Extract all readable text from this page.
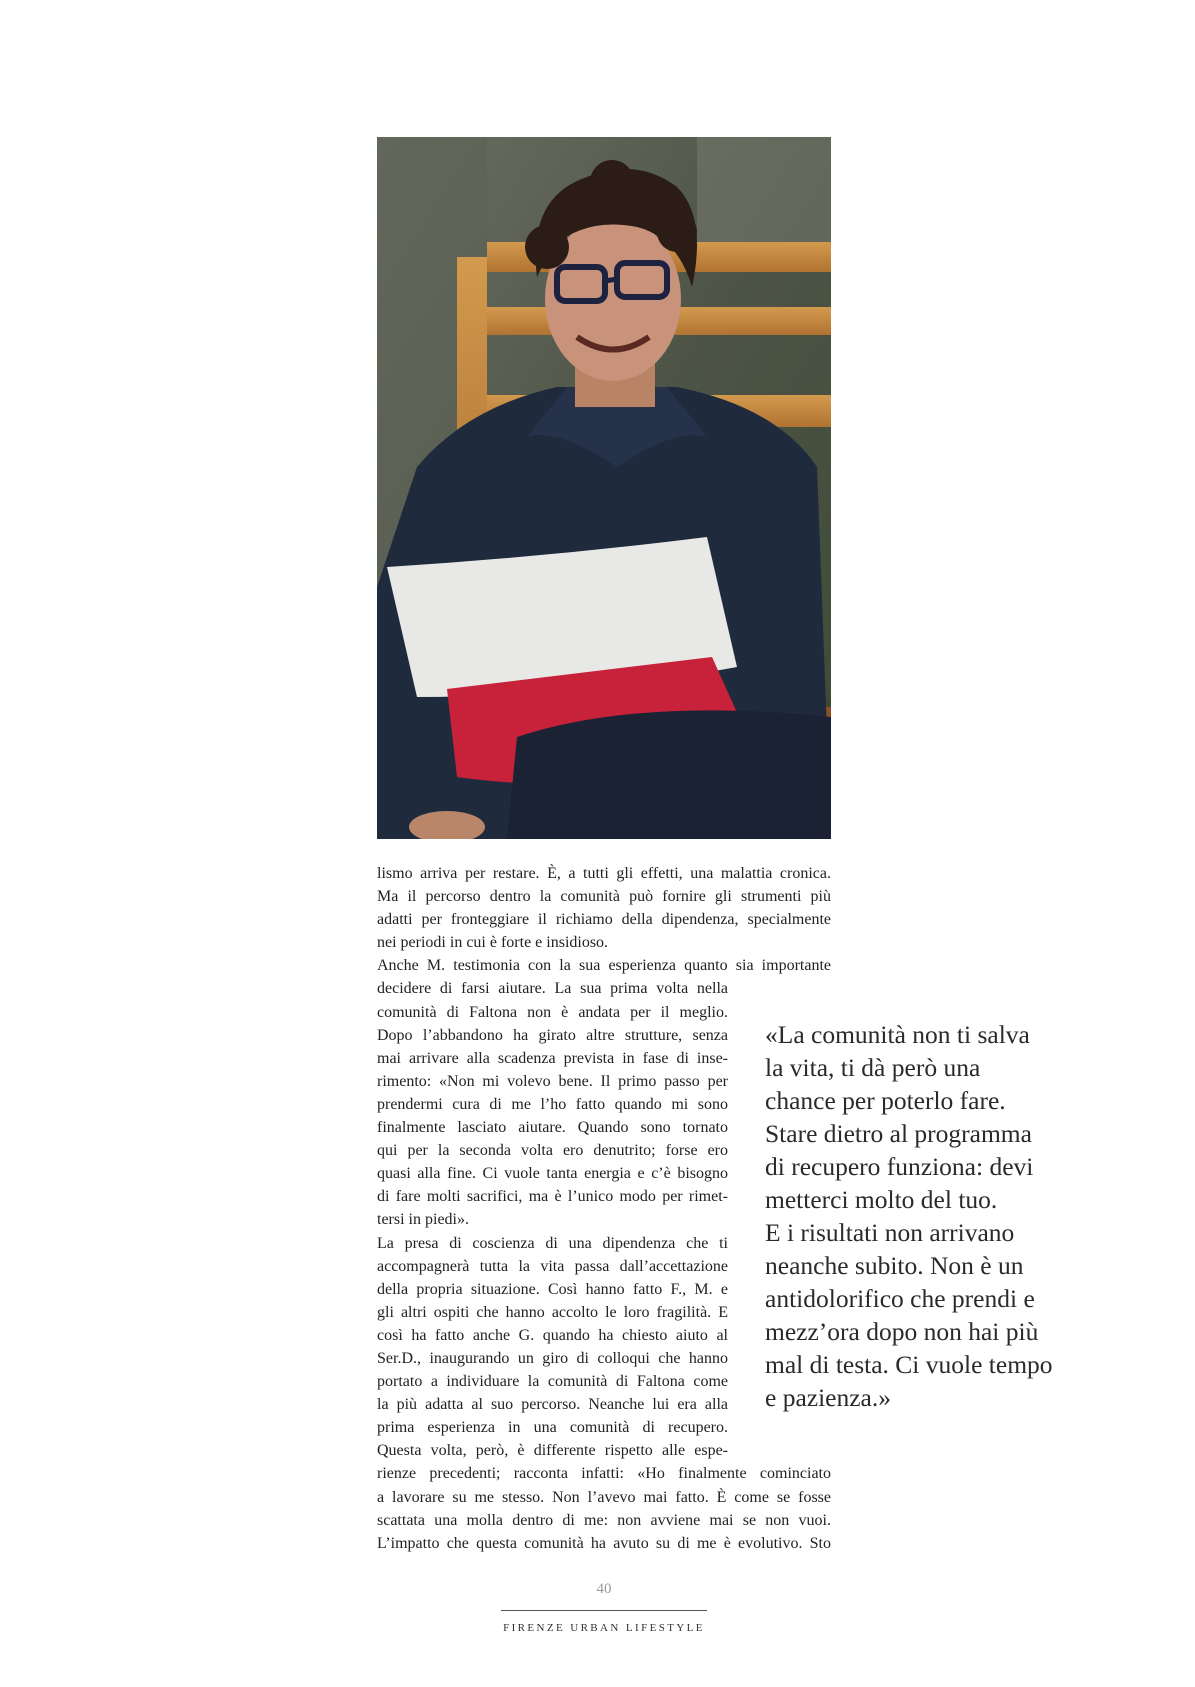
lismo arriva per restare. È, a tutti gli effetti, una malattia cronica.
Ma il percorso dentro la comunità può fornire gli strumenti più
adatti per fronteggiare il richiamo della dipendenza, specialmente
nei periodi in cui è forte e insidioso.
Anche M. testimonia con la sua esperienza quanto sia importante
decidere di farsi aiutare. La sua prima volta nella
comunità di Faltona non è andata per il meglio.
Dopo l’abbandono ha girato altre strutture, senza
mai arrivare alla scadenza prevista in fase di inse-
rimento: «Non mi volevo bene. Il primo passo per
prendermi cura di me l’ho fatto quando mi sono
finalmente lasciato aiutare. Quando sono tornato
qui per la seconda volta ero denutrito; forse ero
quasi alla fine. Ci vuole tanta energia e c’è bisogno
di fare molti sacrifici, ma è l’unico modo per rimet-
tersi in piedi».
La presa di coscienza di una dipendenza che ti
accompagnerà tutta la vita passa dall’accettazione
della propria situazione. Così hanno fatto F., M. e
gli altri ospiti che hanno accolto le loro fragilità. E
così ha fatto anche G. quando ha chiesto aiuto al
Ser.D., inaugurando un giro di colloqui che hanno
portato a individuare la comunità di Faltona come
la più adatta al suo percorso. Neanche lui era alla
prima esperienza in una comunità di recupero.
Questa volta, però, è differente rispetto alle espe-
rienze precedenti; racconta infatti: «Ho finalmente cominciato
a lavorare su me stesso. Non l’avevo mai fatto. È come se fosse
scattata una molla dentro di me: non avviene mai se non vuoi.
L’impatto che questa comunità ha avuto su di me è evolutivo. Sto
«La comunità non ti salva
la vita, ti dà però una
chance per poterlo fare.
Stare dietro al programma
di recupero funziona: devi
metterci molto del tuo.
E i risultati non arrivano
neanche subito. Non è un
antidolorifico che prendi e
mezz’ora dopo non hai più
mal di testa. Ci vuole tempo
e pazienza.»
40
FIRENZE URBAN LIFESTYLE
